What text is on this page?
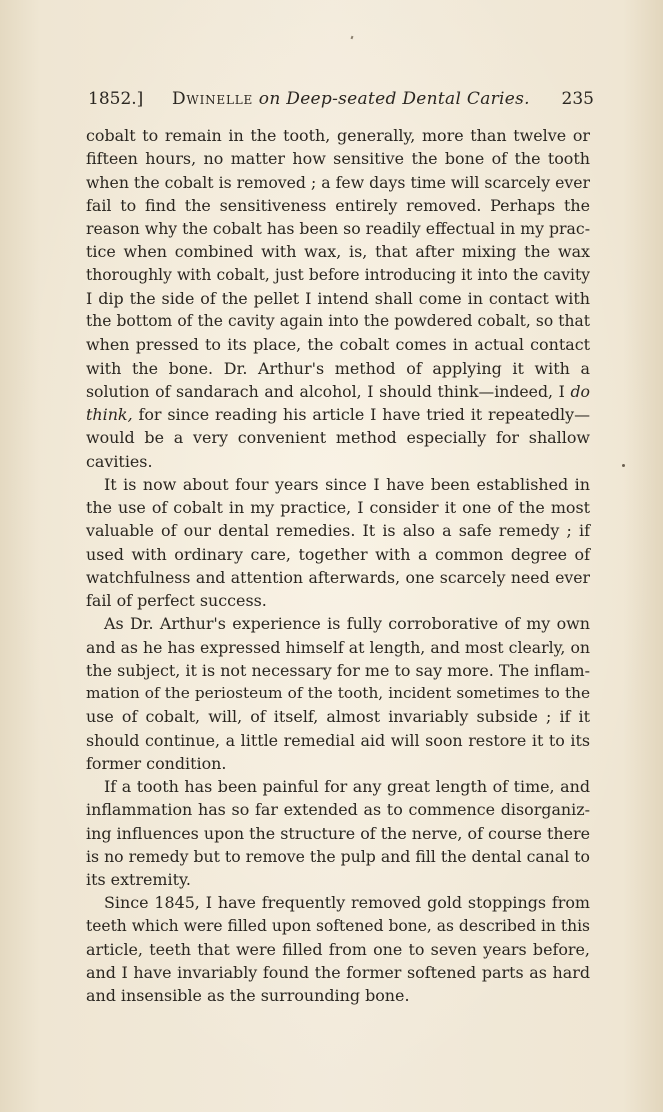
1852.] Dwinelle on Deep-seated Dental Caries. 235
cobalt to remain in the tooth, generally, more than twelve or
fifteen hours, no matter how sensitive the bone of the tooth
when the cobalt is removed ; a few days time will scarcely ever
fail to find the sensitiveness entirely removed. Perhaps the
reason why the cobalt has been so readily effectual in my prac-
tice when combined with wax, is, that after mixing the wax
thoroughly with cobalt, just before introducing it into the cavity
I dip the side of the pellet I intend shall come in contact with
the bottom of the cavity again into the powdered cobalt, so that
when pressed to its place, the cobalt comes in actual contact
with the bone. Dr. Arthur's method of applying it with a
solution of sandarach and alcohol, I should think—indeed, I do
think, for since reading his article I have tried it repeatedly—
would be a very convenient method especially for shallow
cavities.
It is now about four years since I have been established in
the use of cobalt in my practice, I consider it one of the most
valuable of our dental remedies. It is also a safe remedy ; if
used with ordinary care, together with a common degree of
watchfulness and attention afterwards, one scarcely need ever
fail of perfect success.
As Dr. Arthur's experience is fully corroborative of my own
and as he has expressed himself at length, and most clearly, on
the subject, it is not necessary for me to say more. The inflam-
mation of the periosteum of the tooth, incident sometimes to the
use of cobalt, will, of itself, almost invariably subside ; if it
should continue, a little remedial aid will soon restore it to its
former condition.
If a tooth has been painful for any great length of time, and
inflammation has so far extended as to commence disorganiz-
ing influences upon the structure of the nerve, of course there
is no remedy but to remove the pulp and fill the dental canal to
its extremity.
Since 1845, I have frequently removed gold stoppings from
teeth which were filled upon softened bone, as described in this
article, teeth that were filled from one to seven years before,
and I have invariably found the former softened parts as hard
and insensible as the surrounding bone.
